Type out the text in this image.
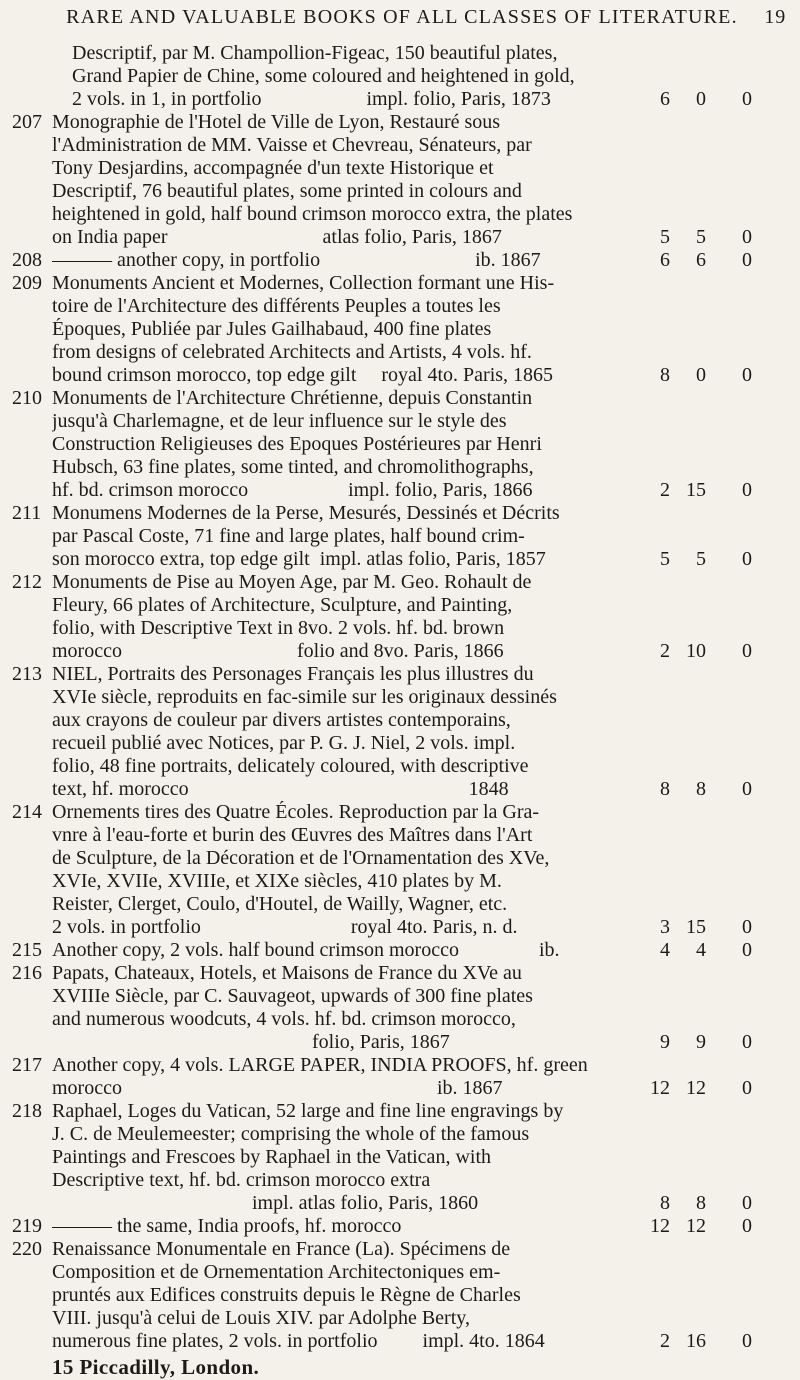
RARE AND VALUABLE BOOKS OF ALL CLASSES OF LITERATURE.	19
Descriptif, par M. Champollion-Figeac, 150 beautiful plates,
Grand Papier de Chine, some coloured and heightened in gold,
2 vols. in 1, in portfolio                     impl. folio, Paris, 1873	6	0	0
207 Monographie de l'Hotel de Ville de Lyon, Restauré sous
l'Administration de MM. Vaisse et Chevreau, Sénateurs, par
Tony Desjardins, accompagnée d'un texte Historique et
Descriptif, 76 beautiful plates, some printed in colours and
heightened in gold, half bound crimson morocco extra, the plates
on India paper                               atlas folio, Paris, 1867	5	5	0
208 ——— another copy, in portfolio                               ib. 1867	6	6	0
209 Monuments Ancient et Modernes, Collection formant une His-
toire de l'Architecture des différents Peuples a toutes les
Époques, Publiée par Jules Gailhabaud, 400 fine plates
from designs of celebrated Architects and Artists, 4 vols. hf.
bound crimson morocco, top edge gilt     royal 4to. Paris, 1865	8	0	0
210 Monuments de l'Architecture Chrétienne, depuis Constantin
jusqu'à Charlemagne, et de leur influence sur le style des
Construction Religieuses des Epoques Postérieures par Henri
Hubsch, 63 fine plates, some tinted, and chromolithographs,
hf. bd. crimson morocco                    impl. folio, Paris, 1866	2 15	0
211 Monumens Modernes de la Perse, Mesurés, Dessinés et Décrits
par Pascal Coste, 71 fine and large plates, half bound crim-
son morocco extra, top edge gilt  impl. atlas folio, Paris, 1857	5	5	0
212 Monuments de Pise au Moyen Age, par M. Geo. Rohault de
Fleury, 66 plates of Architecture, Sculpture, and Painting,
folio, with Descriptive Text in 8vo. 2 vols. hf. bd. brown
morocco                                   folio and 8vo. Paris, 1866	2 10	0
213 NIEL, Portraits des Personages Français les plus illustres du
XVIe siècle, reproduits en fac-simile sur les originaux dessinés
aux crayons de couleur par divers artistes contemporains,
recueil publié avec Notices, par P. G. J. Niel, 2 vols. impl.
folio, 48 fine portraits, delicately coloured, with descriptive
text, hf. morocco                                                        1848	8	8	0
214 Ornements tires des Quatre Écoles. Reproduction par la Gra-
vnre à l'eau-forte et burin des Œuvres des Maîtres dans l'Art
de Sculpture, de la Décoration et de l'Ornamentation des XVe,
XVIe, XVIIe, XVIIIe, et XIXe siècles, 410 plates by M.
Reister, Clerget, Coulo, d'Houtel, de Wailly, Wagner, etc.
2 vols. in portfolio                              royal 4to. Paris, n. d.	3 15	0
215 Another copy, 2 vols. half bound crimson morocco                ib.	4	4	0
216 Papats, Chateaux, Hotels, et Maisons de France du XVe au
XVIIIe Siècle, par C. Sauvageot, upwards of 300 fine plates
and numerous woodcuts, 4 vols. hf. bd. crimson morocco,
folio, Paris, 1867	9	9	0
217 Another copy, 4 vols. LARGE PAPER, INDIA PROOFS, hf. green
morocco                                                               ib. 1867	12 12	0
218 Raphael, Loges du Vatican, 52 large and fine line engravings by
J. C. de Meulemeester; comprising the whole of the famous
Paintings and Frescoes by Raphael in the Vatican, with
Descriptive text, hf. bd. crimson morocco extra
impl. atlas folio, Paris, 1860	8	8	0
219 ——— the same, India proofs, hf. morocco	12 12	0
220 Renaissance Monumentale en France (La). Spécimens de
Composition et de Ornementation Architectoniques em-
pruntés aux Edifices construits depuis le Règne de Charles
VIII. jusqu'à celui de Louis XIV. par Adolphe Berty,
numerous fine plates, 2 vols. in portfolio         impl. 4to. 1864	2 16	0
15 Piccadilly, London.
